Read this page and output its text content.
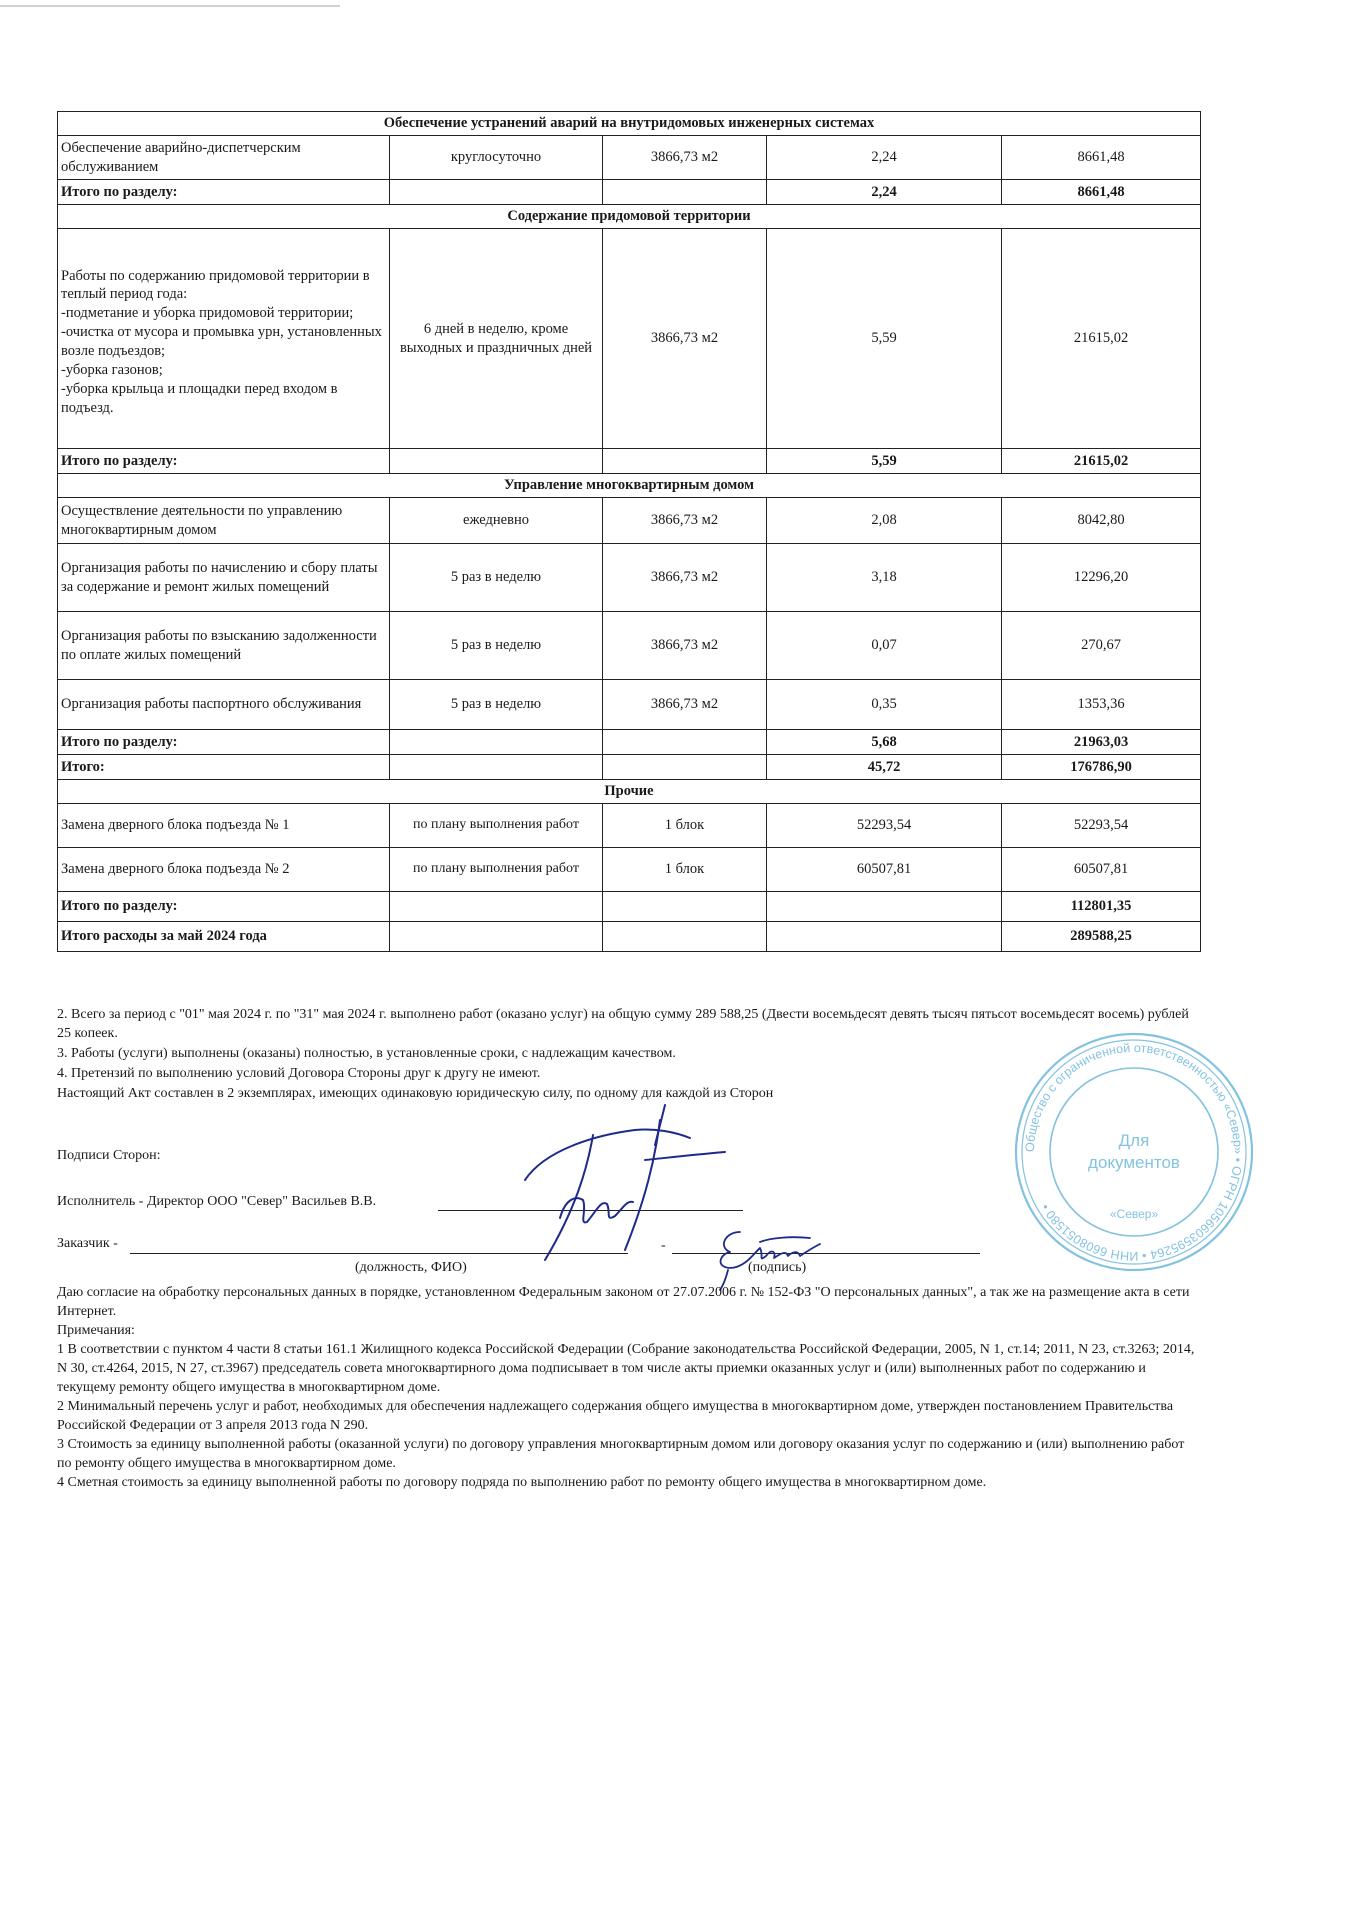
Обеспечение устранений аварий на внутридомовых инженерных системах				
Обеспечение аварийно-диспетчерским обслуживанием	круглосуточно	3866,73 м2	2,24	8661,48
Итого по разделу:			2,24	8661,48
Содержание придомовой территории				
Работы по содержанию придомовой территории в теплый период года:
-подметание и уборка придомовой территории;
-очистка от мусора и промывка урн, установленных возле подъездов;
-уборка газонов;
-уборка крыльца и площадки перед входом в подъезд.	6 дней в неделю, кроме выходных и праздничных дней	3866,73 м2	5,59	21615,02
Итого по разделу:			5,59	21615,02
Управление многоквартирным домом				
Осуществление деятельности по управлению многоквартирным домом	ежедневно	3866,73 м2	2,08	8042,80
Организация работы по начислению и сбору платы за содержание и ремонт жилых помещений	5 раз в неделю	3866,73 м2	3,18	12296,20
Организация работы по взысканию задолженности по оплате жилых помещений	5 раз в неделю	3866,73 м2	0,07	270,67
Организация работы паспортного обслуживания	5 раз в неделю	3866,73 м2	0,35	1353,36
Итого по разделу:			5,68	21963,03
Итого:			45,72	176786,90
Прочие				
Замена дверного блока подъезда № 1	по плану выполнения работ	1 блок	52293,54	52293,54
Замена дверного блока подъезда № 2	по плану выполнения работ	1 блок	60507,81	60507,81
Итого по разделу:				112801,35
Итого расходы за май 2024 года				289588,25

2. Всего за период с "01" мая 2024 г. по "31" мая 2024 г. выполнено работ (оказано услуг) на общую сумму 289 588,25 (Двести восемьдесят девять тысяч пятьсот восемьдесят восемь) рублей 25 копеек.

3. Работы (услуги) выполнены (оказаны) полностью, в установленные сроки, с надлежащим качеством.

4. Претензий по выполнению условий Договора Стороны друг к другу не имеют.

Настоящий Акт составлен в 2 экземплярах, имеющих одинаковую юридическую силу, по одному для каждой из Сторон

Подписи Сторон:
Исполнитель - Директор ООО "Север" Васильев В.В.
Заказчик -	-
(должность, ФИО)	(подпись)
Общество с ограниченной ответственностью «Север» • ОГРН 1056603595264 • ИНН 6608051580 •
Для документов
«Север»

Даю согласие на обработку персональных данных в порядке, установленном Федеральным законом от 27.07.2006 г. № 152-ФЗ "О персональных данных", а так же на размещение акта в сети Интернет.

Примечания:

1 В соответствии с пунктом 4 части 8 статьи 161.1 Жилищного кодекса Российской Федерации (Собрание законодательства Российской Федерации, 2005, N 1, ст.14; 2011, N 23, ст.3263; 2014, N 30, ст.4264, 2015, N 27, ст.3967) председатель совета многоквартирного дома подписывает в том числе акты приемки оказанных услуг и (или) выполненных работ по содержанию и текущему ремонту общего имущества в многоквартирном доме.

2 Минимальный перечень услуг и работ, необходимых для обеспечения надлежащего содержания общего имущества в многоквартирном доме, утвержден постановлением Правительства Российской Федерации от 3 апреля 2013 года N 290.

3 Стоимость за единицу выполненной работы (оказанной услуги) по договору управления многоквартирным домом или договору оказания услуг по содержанию и (или) выполнению работ по ремонту общего имущества в многоквартирном доме.

4 Сметная стоимость за единицу выполненной работы по договору подряда по выполнению работ по ремонту общего имущества в многоквартирном доме.
